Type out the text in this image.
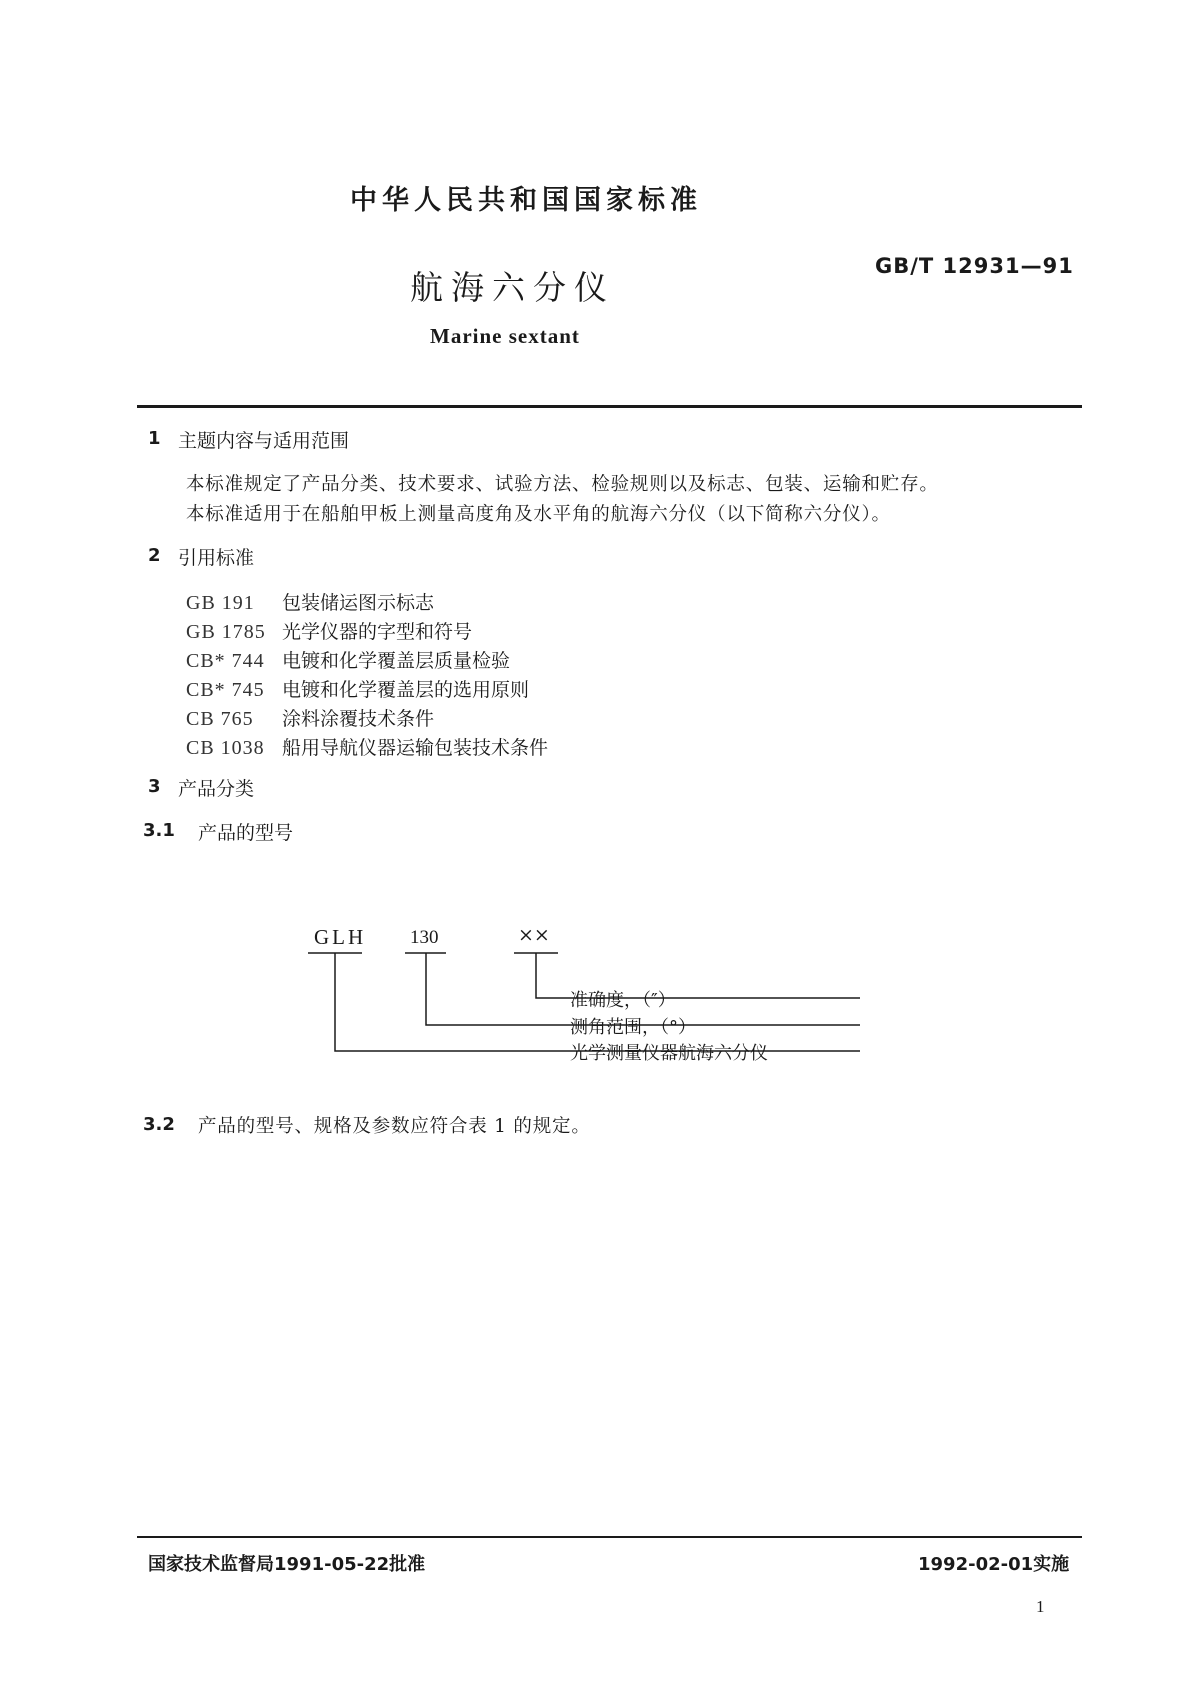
中华人民共和国国家标准
航海六分仪
GB/T 12931—91
Marine sextant
1 主题内容与适用范围
本标准规定了产品分类、技术要求、试验方法、检验规则以及标志、包装、运输和贮存。
本标准适用于在船舶甲板上测量高度角及水平角的航海六分仪（以下简称六分仪）。
2 引用标准
GB 191 包装储运图示标志
GB 1785 光学仪器的字型和符号
CB* 744 电镀和化学覆盖层质量检验
CB* 745 电镀和化学覆盖层的选用原则
CB 765 涂料涂覆技术条件
CB 1038 船用导航仪器运输包装技术条件
3 产品分类
3.1 产品的型号
GLH 130	××
准确度，（″）
测角范围，（°）
光学测量仪器航海六分仪
3.2 产品的型号、规格及参数应符合表 1 的规定。
国家技术监督局1991-05-22批准	1992-02-01实施
1
